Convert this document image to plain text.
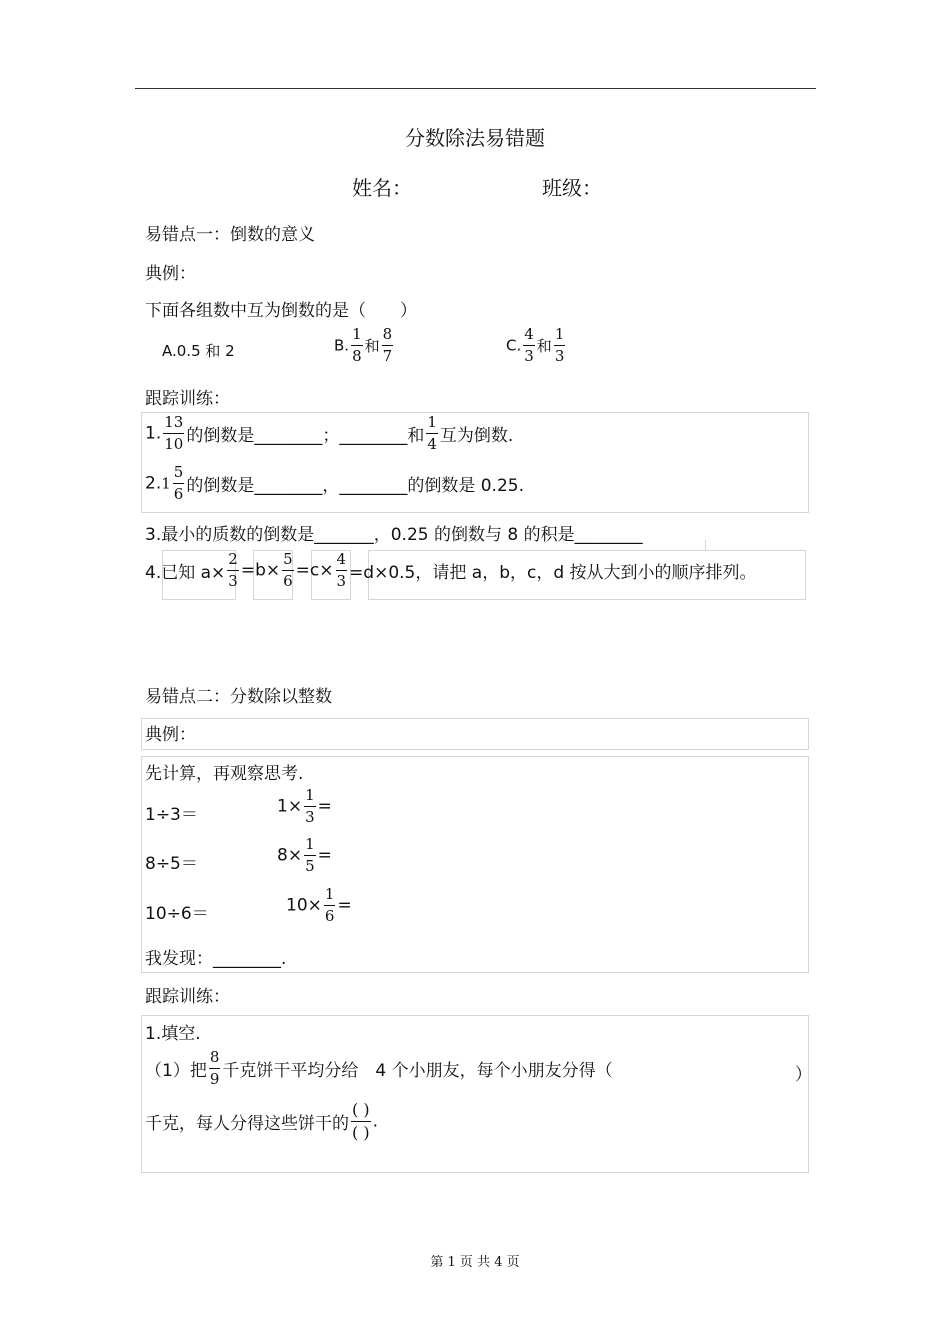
分数除法易错题
姓名：	班级：
易错点一：倒数的意义
典例：
下面各组数中互为倒数的是（　　）
A.0.5 和 2	B. $\frac{1}{8}$ 和 $\frac{8}{7}$	C. $\frac{4}{3}$ 和 $\frac{1}{3}$
跟踪训练：
1. $\frac{13}{10}$ 的倒数是________；________和 $\frac{1}{4}$ 互为倒数.
$2.1 \frac{5}{6}$ 的倒数是________，________的倒数是 0.25.
3.最小的质数的倒数是_______，0.25 的倒数与 8 的积是________
4.已知 $a\times \frac{2}{3} =b\times \frac{5}{6} =c\times \frac{4}{3} =d\times 0.5$，请把 a，b，c，d 按从大到小的顺序排列。
易错点二：分数除以整数
典例：
先计算，再观察思考.
1÷3＝	$1\times \frac{1}{3}$ =
8÷5＝	$8\times \frac{1}{5}$ =
10÷6＝	$10\times \frac{1}{6}$ =
我发现：________.
跟踪训练：
1.填空.
（1）把 $\frac{8}{9}$ 千克饼干平均分给　4 个小朋友，每个小朋友分得（	）
千克，每人分得这些饼干的 $\frac{( )}{( )}$ .
第 1 页 共 4 页
